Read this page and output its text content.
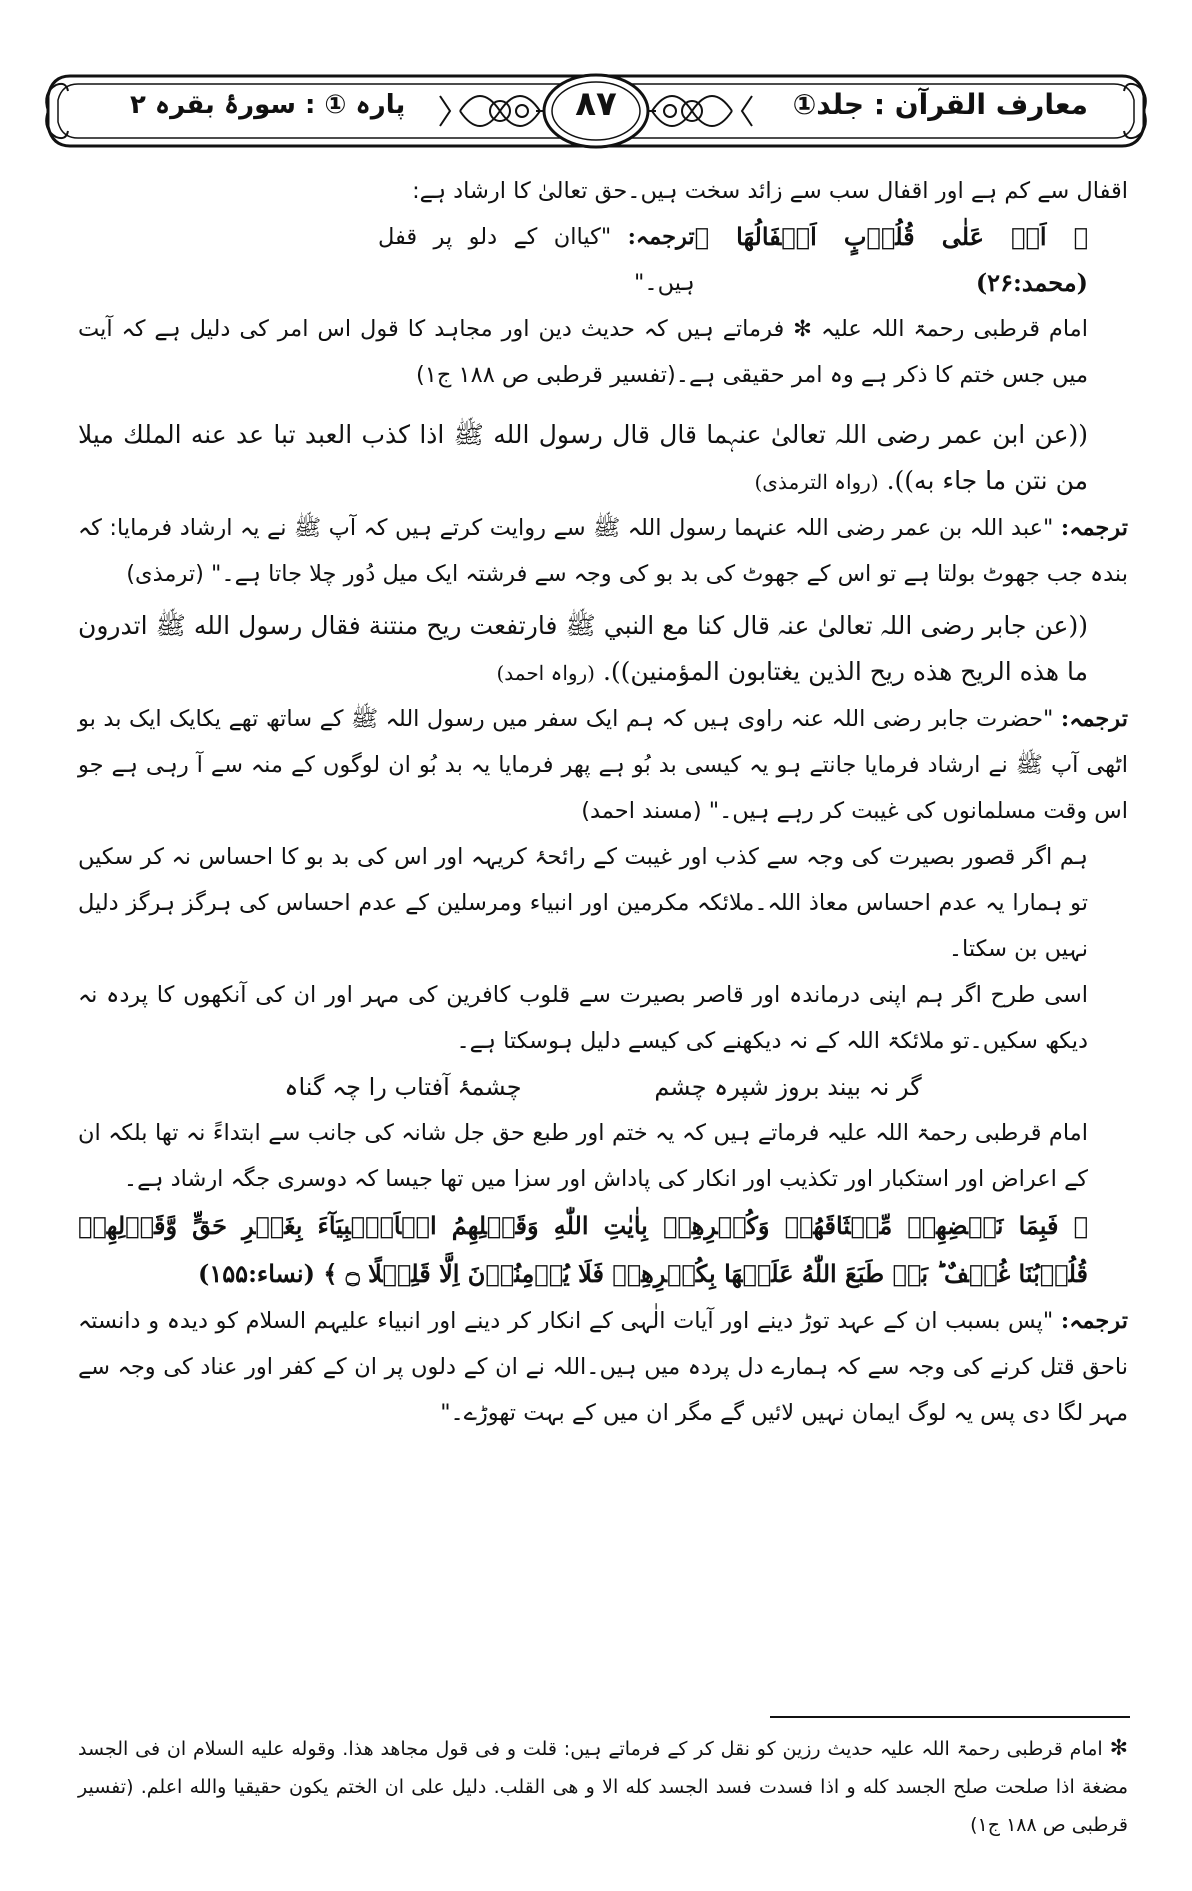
معارف القرآن : جلد①
۸۷
پارہ ① : سورۂ بقرہ ۲

اقفال سے کم ہے اور اقفال سب سے زائد سخت ہیں۔حق تعالیٰ کا ارشاد ہے:

﴿ اَمۡ عَلٰی قُلُوۡبٍ اَقۡفَالُهَا ﴾ (محمد:۲۶)
ترجمہ: "کیاان کے دلو پر قفل ہیں۔"

امام قرطبی رحمۃ اللہ علیہ ✻ فرماتے ہیں کہ حدیث دین اور مجاہد کا قول اس امر کی دلیل ہے کہ آیت میں جس ختم کا ذکر ہے وہ امر حقیقی ہے۔(تفسیر قرطبی ص ۱۸۸ ج۱)

((عن ابن عمر رضی اللہ تعالیٰ عنہما قال قال رسول الله ﷺ اذا كذب العبد تبا عد عنه الملك ميلا من نتن ما جاء به)). (رواہ الترمذی)

ترجمہ: "عبد اللہ بن عمر رضی اللہ عنہما رسول اللہ ﷺ سے روایت کرتے ہیں کہ آپ ﷺ نے یہ ارشاد فرمایا: کہ بندہ جب جھوٹ بولتا ہے تو اس کے جھوٹ کی بد بو کی وجہ سے فرشتہ ایک میل دُور چلا جاتا ہے۔" (ترمذی)

((عن جابر رضی اللہ تعالیٰ عنہ قال كنا مع النبي ﷺ فارتفعت ريح منتنة فقال رسول الله ﷺ اتدرون ما هذه الريح هذه ريح الذين يغتابون المؤمنين)). (رواہ احمد)

ترجمہ: "حضرت جابر رضی اللہ عنہ راوی ہیں کہ ہم ایک سفر میں رسول اللہ ﷺ کے ساتھ تھے یکایک ایک بد بو اٹھی آپ ﷺ نے ارشاد فرمایا جانتے ہو یہ کیسی بد بُو ہے پھر فرمایا یہ بد بُو ان لوگوں کے منہ سے آ رہی ہے جو اس وقت مسلمانوں کی غیبت کر رہے ہیں۔" (مسند احمد)

ہم اگر قصور بصیرت کی وجہ سے کذب اور غیبت کے رائحۂ کریہہ اور اس کی بد بو کا احساس نہ کر سکیں تو ہمارا یہ عدم احساس معاذ اللہ۔ملائکہ مکرمین اور انبیاء ومرسلین کے عدم احساس کی ہرگز ہرگز دلیل نہیں بن سکتا۔

اسی طرح اگر ہم اپنی درماندہ اور قاصر بصیرت سے قلوب کافرین کی مہر اور ان کی آنکھوں کا پردہ نہ دیکھ سکیں۔تو ملائکۃ اللہ کے نہ دیکھنے کی کیسے دلیل ہوسکتا ہے۔

گر نہ بیند بروز شپرہ چشم
چشمۂ آفتاب را چہ گناہ

امام قرطبی رحمۃ اللہ علیہ فرماتے ہیں کہ یہ ختم اور طبع حق جل شانہ کی جانب سے ابتداءً نہ تھا بلکہ ان کے اعراض اور استکبار اور تکذیب اور انکار کی پاداش اور سزا میں تھا جیسا کہ دوسری جگہ ارشاد ہے۔

﴿ فَبِمَا نَقۡضِهِمۡ مِّيۡثَاقَهُمۡ وَكُفۡرِهِمۡ بِاٰيٰتِ اللّٰهِ وَقَتۡلِهِمُ الۡاَنۡۢبِيَآءَ بِغَيۡرِ حَقٍّ وَّقَوۡلِهِمۡ قُلُوۡبُنَا غُلۡفٌ ؕ بَلۡ طَبَعَ اللّٰهُ عَلَيۡهَا بِكُفۡرِهِمۡ فَلَا يُؤۡمِنُوۡنَ اِلَّا قَلِيۡلًا ۝ ﴾ (نساء:۱۵۵)

ترجمہ: "پس بسبب ان کے عہد توڑ دینے اور آیات الٰہی کے انکار کر دینے اور انبیاء علیہم السلام کو دیدہ و دانستہ ناحق قتل کرنے کی وجہ سے کہ ہمارے دل پردہ میں ہیں۔اللہ نے ان کے دلوں پر ان کے کفر اور عناد کی وجہ سے مہر لگا دی پس یہ لوگ ایمان نہیں لائیں گے مگر ان میں کے بہت تھوڑے۔"

✻ امام قرطبی رحمۃ اللہ علیہ حدیث رزین کو نقل کر کے فرماتے ہیں: قلت و فی قول مجاهد هذا. وقوله عليه السلام ان فی الجسد مضغة اذا صلحت صلح الجسد كله و اذا فسدت فسد الجسد كله الا و هی القلب. دليل على ان الختم يكون حقيقيا والله اعلم. (تفسیر قرطبی ص ۱۸۸ ج۱)
